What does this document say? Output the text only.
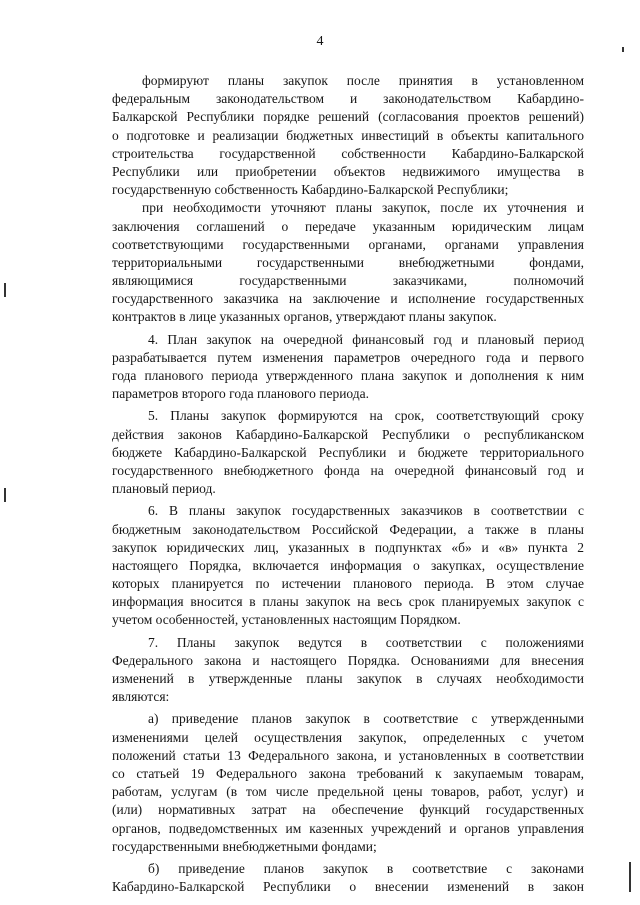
4
формируют планы закупок после принятия в установленном
федеральным законодательством и законодательством Кабардино-
Балкарской Республики порядке решений (согласования проектов решений)
о подготовке и реализации бюджетных инвестиций в объекты капитального
строительства государственной собственности Кабардино-Балкарской
Республики или приобретении объектов недвижимого имущества в
государственную собственность Кабардино-Балкарской Республики;
при необходимости уточняют планы закупок, после их уточнения и
заключения соглашений о передаче указанным юридическим лицам
соответствующими государственными органами, органами управления
территориальными государственными внебюджетными фондами,
являющимися государственными заказчиками, полномочий
государственного заказчика на заключение и исполнение государственных
контрактов в лице указанных органов, утверждают планы закупок.
4. План закупок на очередной финансовый год и плановый период
разрабатывается путем изменения параметров очередного года и первого
года планового периода утвержденного плана закупок и дополнения к ним
параметров второго года планового периода.
5. Планы закупок формируются на срок, соответствующий сроку
действия законов Кабардино-Балкарской Республики о республиканском
бюджете Кабардино-Балкарской Республики и бюджете территориального
государственного внебюджетного фонда на очередной финансовый год и
плановый период.
6. В планы закупок государственных заказчиков в соответствии с
бюджетным законодательством Российской Федерации, а также в планы
закупок юридических лиц, указанных в подпунктах «б» и «в» пункта 2
настоящего Порядка, включается информация о закупках, осуществление
которых планируется по истечении планового периода. В этом случае
информация вносится в планы закупок на весь срок планируемых закупок с
учетом особенностей, установленных настоящим Порядком.
7. Планы закупок ведутся в соответствии с положениями
Федерального закона и настоящего Порядка. Основаниями для внесения
изменений в утвержденные планы закупок в случаях необходимости
являются:
а) приведение планов закупок в соответствие с утвержденными
изменениями целей осуществления закупок, определенных с учетом
положений статьи 13 Федерального закона, и установленных в соответствии
со статьей 19 Федерального закона требований к закупаемым товарам,
работам, услугам (в том числе предельной цены товаров, работ, услуг) и
(или) нормативных затрат на обеспечение функций государственных
органов, подведомственных им казенных учреждений и органов управления
государственными внебюджетными фондами;
б) приведение планов закупок в соответствие с законами
Кабардино-Балкарской Республики о внесении изменений в закон
